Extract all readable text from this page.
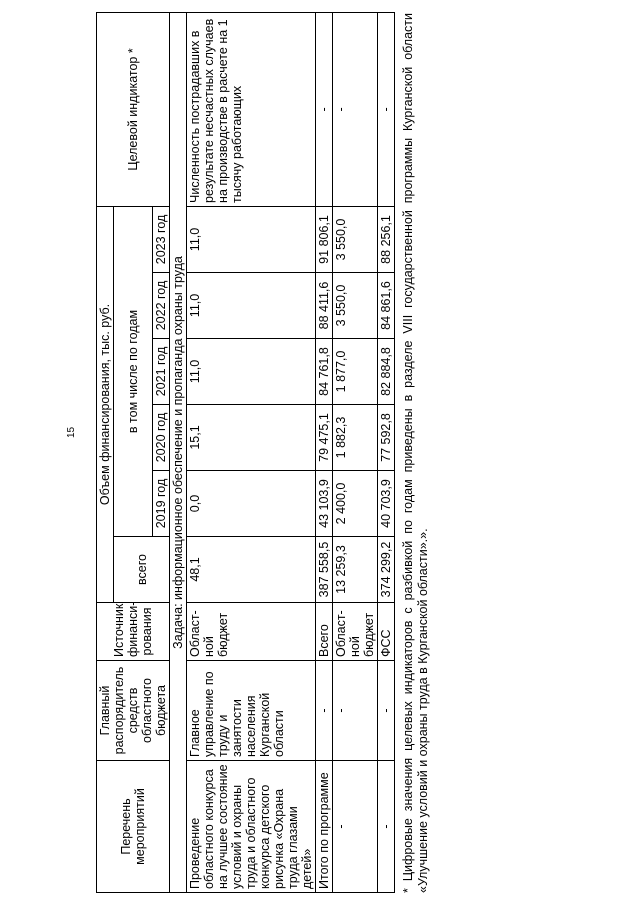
15
Перечень мероприятий	Главный распорядитель средств областного бюджета	Источник финанси-рования	Объем финансирования, тыс. руб.						Целевой индикатор *
			всего	в том числе по годам					
				2019 год	2020 год	2021 год	2022 год	2023 год	
Задача: информационное обеспечение и пропаганда охраны труда									
Проведение областного конкурса на лучшее состояние условий и охраны труда и областного конкурса детского рисунка «Охрана труда глазами детей»	Главное управление по труду и занятости населения Курганской области	Област-ной бюджет	48,1	0,0	15,1	11,0	11,0	11,0	Численность пострадавших в результате несчастных случаев на производстве в расчете на 1 тысячу работающих
Итого по программе	-	Всего	387 558,5	43 103,9	79 475,1	84 761,8	88 411,6	91 806,1	-
-	-	Област-ной бюджет	13 259,3	2 400,0	1 882,3	1 877,0	3 550,0	3 550,0	-
-	-	ФСС	374 299,2	40 703,9	77 592,8	82 884,8	84 861,6	88 256,1	- * Цифровые значения целевых индикаторов с разбивкой по годам приведены в разделе VIII государственной программы Курганской области «Улучшение условий и охраны труда в Курганской области».».
